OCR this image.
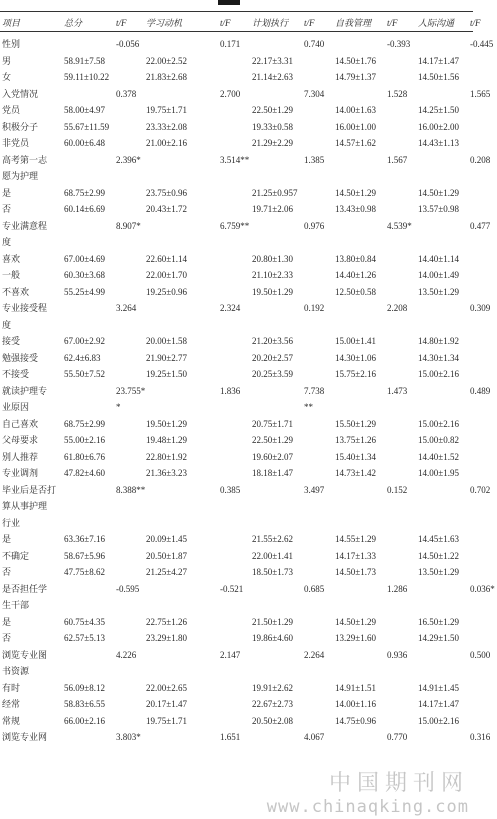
项目	总分	t/F	学习动机	t/F	计划执行	t/F	自我管理	t/F	人际沟通	t/F

性别		-0.056		0.171		0.740		-0.393		-0.445
男	58.91±7.58		22.00±2.52		22.17±3.31		14.50±1.76		14.17±1.47	
女	59.11±10.22		21.83±2.68		21.14±2.63		14.79±1.37		14.50±1.56	
入党情况		0.378		2.700		7.304		1.528		1.565
党员	58.00±4.97		19.75±1.71		22.50±1.29		14.00±1.63		14.25±1.50	
积极分子	55.67±11.59		23.33±2.08		19.33±0.58		16.00±1.00		16.00±2.00	
非党员	60.00±6.48		21.00±2.16		21.29±2.29		14.57±1.62		14.43±1.13	
高考第一志		2.396*		3.514**		1.385		1.567		0.208
愿为护理										
是	68.75±2.99		23.75±0.96		21.25±0.957		14.50±1.29		14.50±1.29	
否	60.14±6.69		20.43±1.72		19.71±2.06		13.43±0.98		13.57±0.98	
专业满意程		8.907*		6.759**		0.976		4.539*		0.477
度										
喜欢	67.00±4.69		22.60±1.14		20.80±1.30		13.80±0.84		14.40±1.14	
一般	60.30±3.68		22.00±1.70		21.10±2.33		14.40±1.26		14.00±1.49	
不喜欢	55.25±4.99		19.25±0.96		19.50±1.29		12.50±0.58		13.50±1.29	
专业接受程		3.264		2.324		0.192		2.208		0.309
度										
接受	67.00±2.92		20.00±1.58		21.20±3.56		15.00±1.41		14.80±1.92	
勉强接受	62.4±6.83		21.90±2.77		20.20±2.57		14.30±1.06		14.30±1.34	
不接受	55.50±7.52		19.25±1.50		20.25±3.59		15.75±2.16		15.00±2.16	
就读护理专		23.755*		1.836		7.738		1.473		0.489
业原因		*				**				
自己喜欢	68.75±2.99		19.50±1.29		20.75±1.71		15.50±1.29		15.00±2.16	
父母要求	55.00±2.16		19.48±1.29		22.50±1.29		13.75±1.26		15.00±0.82	
别人推荐	61.80±6.76		22.80±1.92		19.60±2.07		15.40±1.34		14.40±1.52	
专业调剂	47.82±4.60		21.36±3.23		18.18±1.47		14.73±1.42		14.00±1.95	
毕业后是否打		8.388**		0.385		3.497		0.152		0.702
算从事护理										
行业										
是	63.36±7.16		20.09±1.45		21.55±2.62		14.55±1.29		14.45±1.63	
不确定	58.67±5.96		20.50±1.87		22.00±1.41		14.17±1.33		14.50±1.22	
否	47.75±8.62		21.25±4.27		18.50±1.73		14.50±1.73		13.50±1.29	
是否担任学		-0.595		-0.521		0.685		1.286		0.036*
生干部										
是	60.75±4.35		22.75±1.26		21.50±1.29		14.50±1.29		16.50±1.29	
否	62.57±5.13		23.29±1.80		19.86±4.60		13.29±1.60		14.29±1.50	
浏览专业图		4.226		2.147		2.264		0.936		0.500
书资源										
有时	56.09±8.12		22.00±2.65		19.91±2.62		14.91±1.51		14.91±1.45	
经常	58.83±6.55		20.17±1.47		22.67±2.73		14.00±1.16		14.17±1.47	
常规	66.00±2.16		19.75±1.71		20.50±2.08		14.75±0.96		15.00±2.16	
浏览专业网		3.803*		1.651		4.067		0.770		0.316
中国期刊网
www.chinaqking.com
